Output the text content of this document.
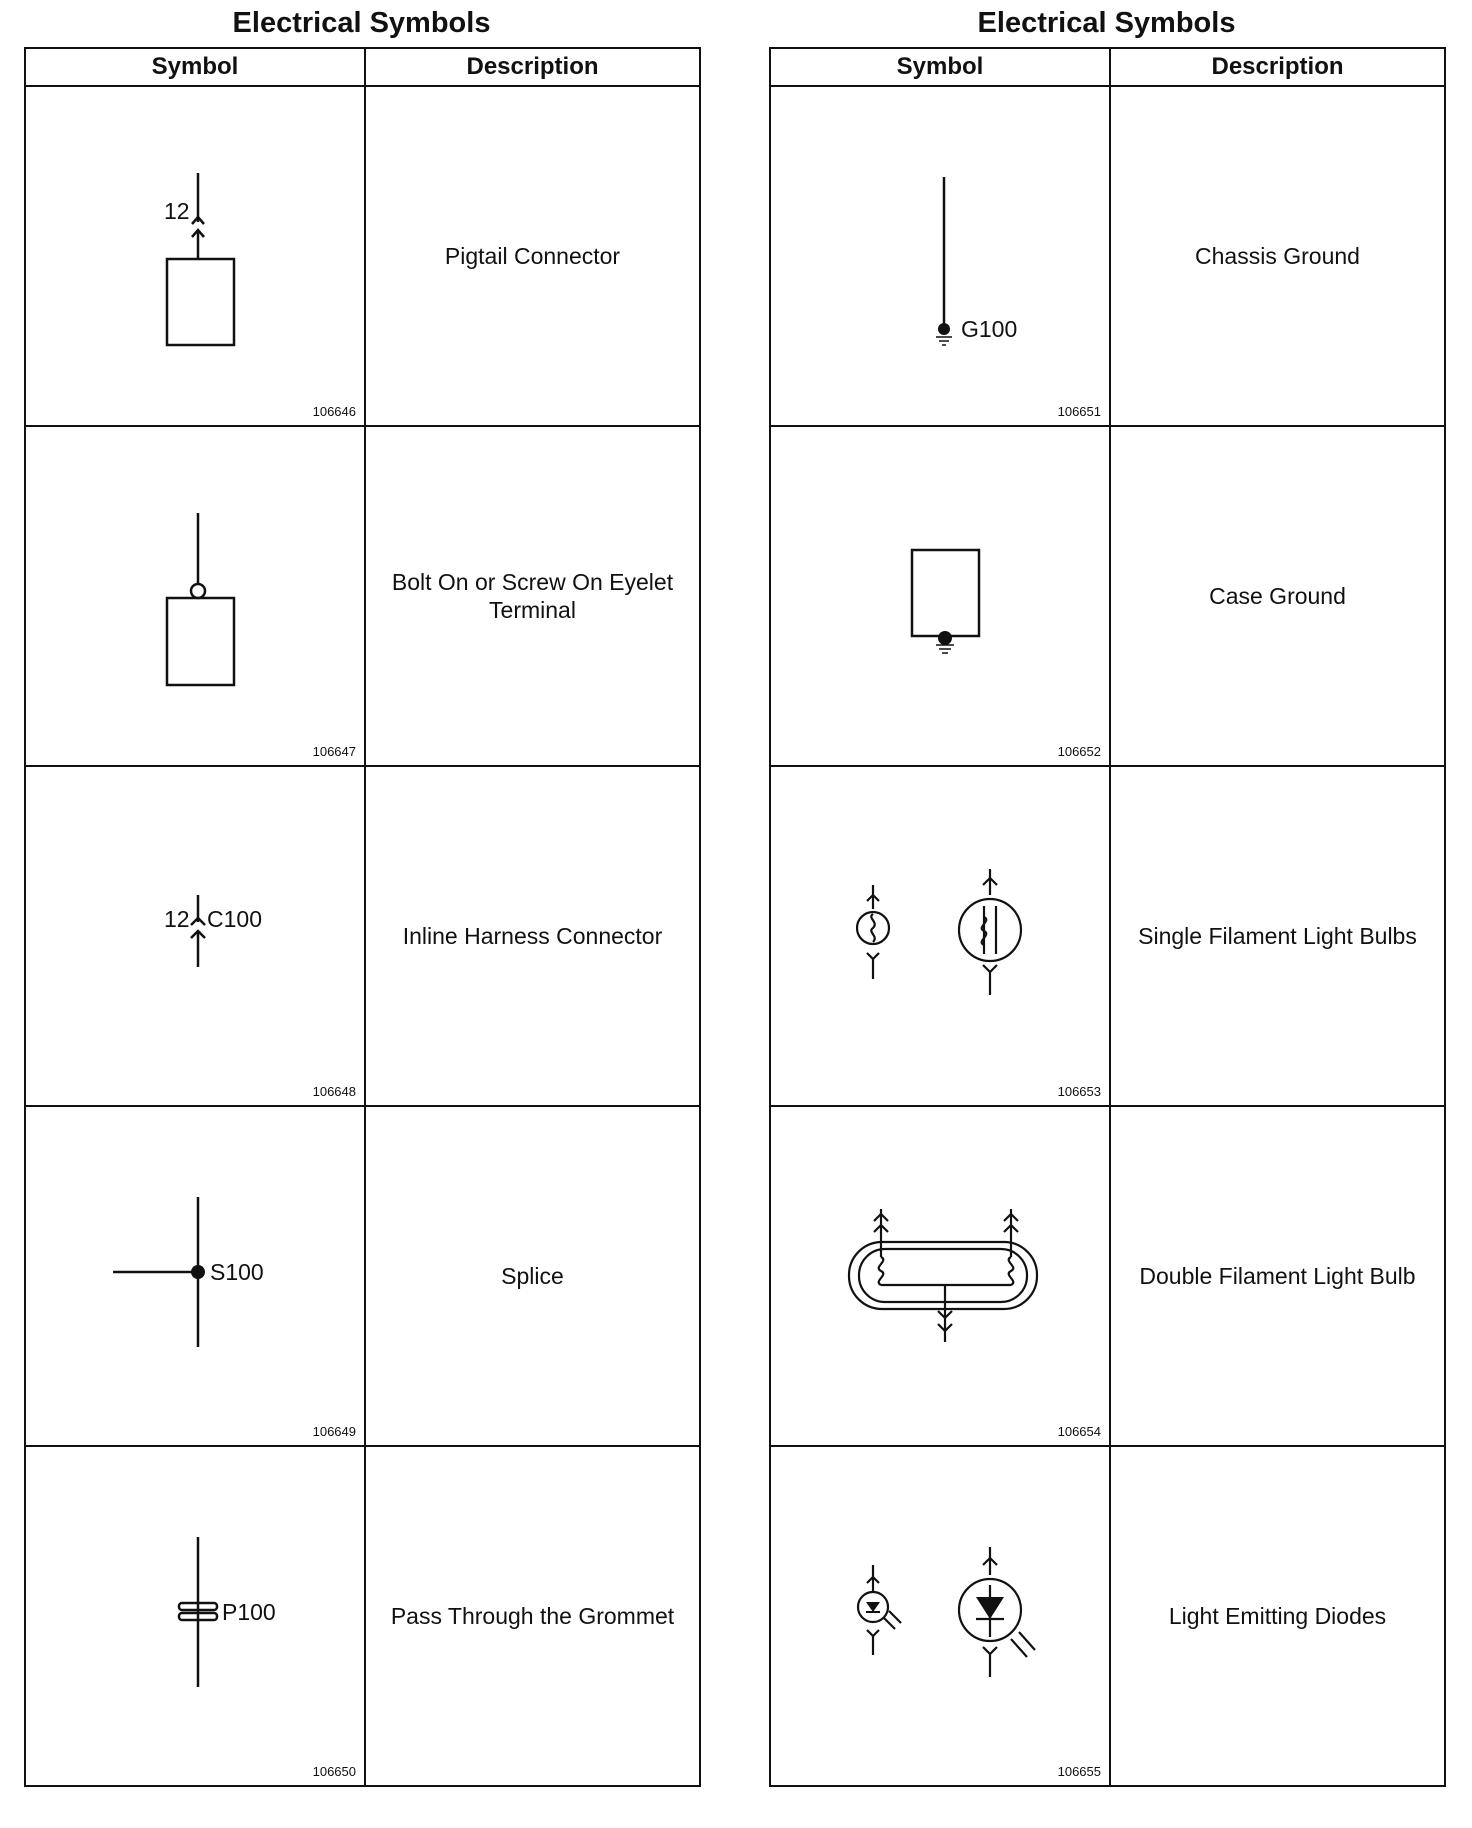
Electrical Symbols
Symbol	Description

12
106646	Pigtail Connector

106647	Bolt On or Screw On Eyelet Terminal

12 C100
106648	Inline Harness Connector

S100
106649	Splice

P100
106650	Pass Through the Grommet
Electrical Symbols
Symbol	Description

G100
106651	Chassis Ground

106652	Case Ground

106653	Single Filament Light Bulbs

106654	Double Filament Light Bulb

106655	Light Emitting Diodes
